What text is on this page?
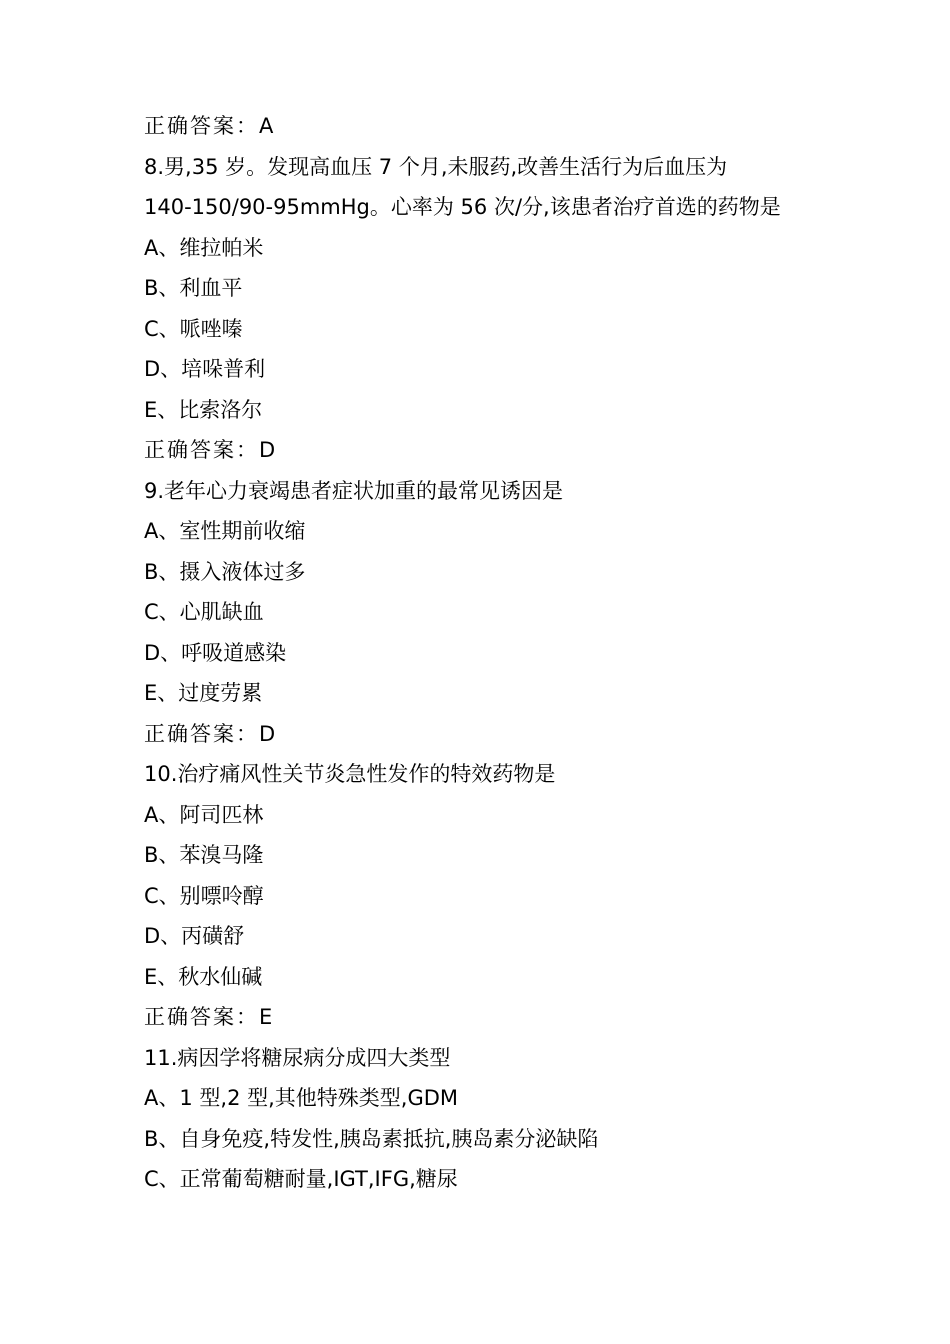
正确答案：A
8.男,35 岁。发现高血压 7 个月,未服药,改善生活行为后血压为
140-150/90-95mmHg。心率为 56 次/分,该患者治疗首选的药物是
A、维拉帕米
B、利血平
C、哌唑嗪
D、培哚普利
E、比索洛尔
正确答案：D
9.老年心力衰竭患者症状加重的最常见诱因是
A、室性期前收缩
B、摄入液体过多
C、心肌缺血
D、呼吸道感染
E、过度劳累
正确答案：D
10.治疗痛风性关节炎急性发作的特效药物是
A、阿司匹林
B、苯溴马隆
C、别嘌呤醇
D、丙磺舒
E、秋水仙碱
正确答案：E
11.病因学将糖尿病分成四大类型
A、1 型,2 型,其他特殊类型,GDM
B、自身免疫,特发性,胰岛素抵抗,胰岛素分泌缺陷
C、正常葡萄糖耐量,IGT,IFG,糖尿
